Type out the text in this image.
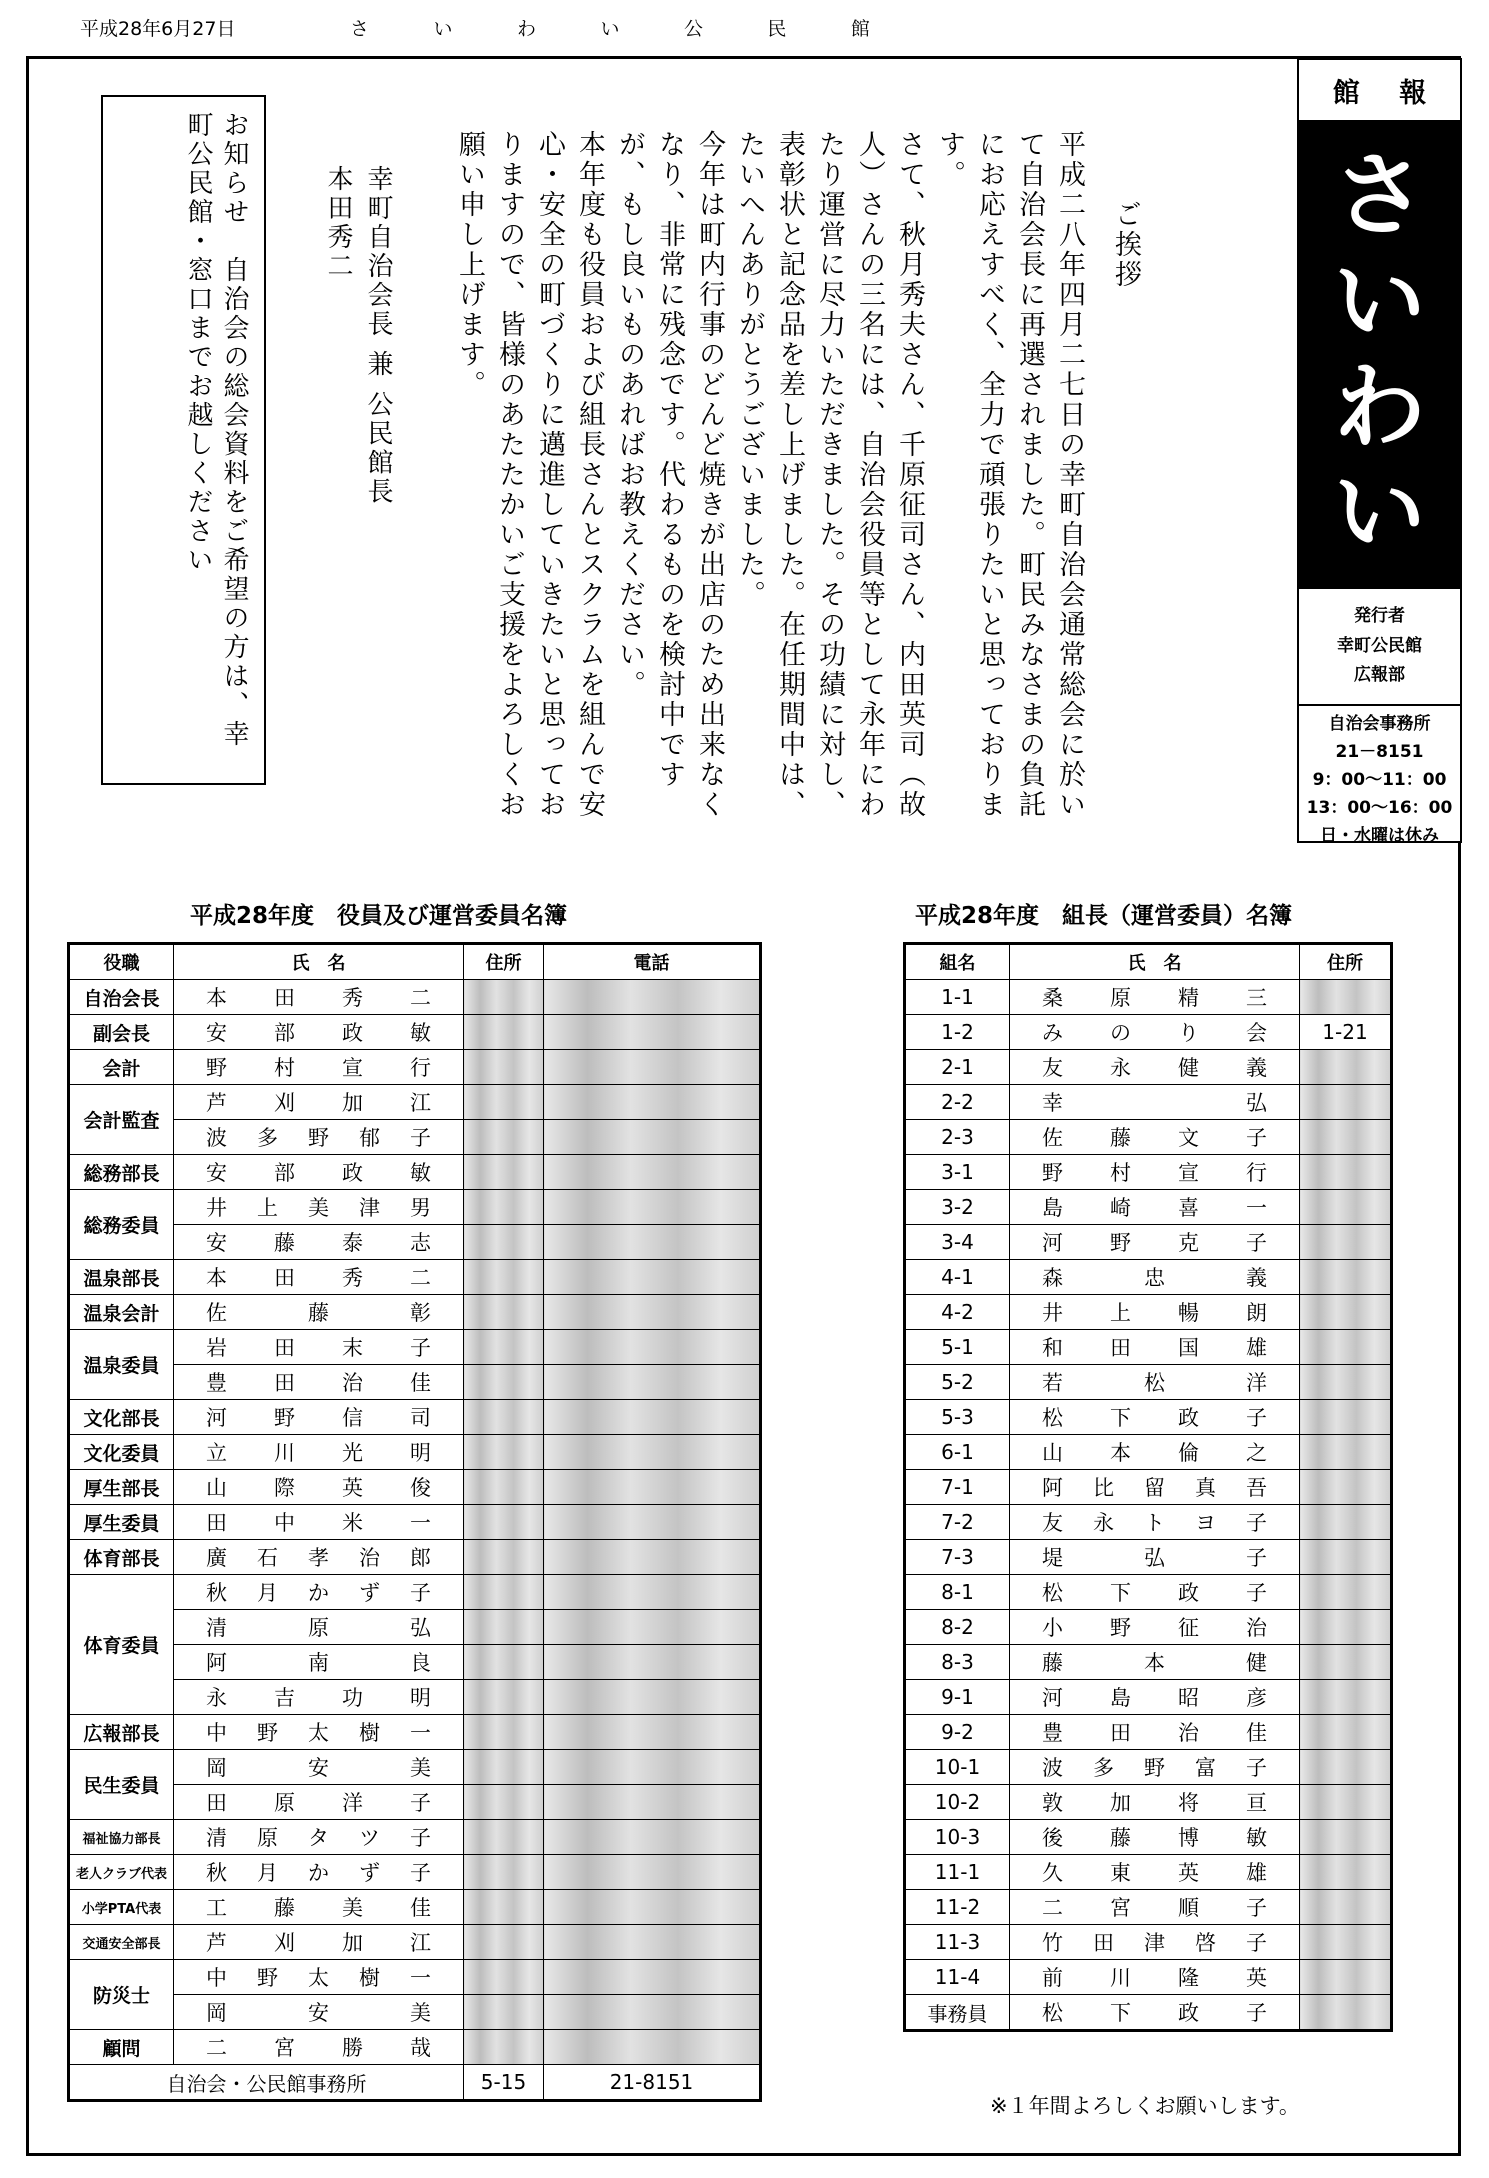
平成28年6月27日	さ	い	わ	い	公	民	館
館 報
さ
い
わ
い
発行者
幸町公民館
広報部
自治会事務所
21－8151
9：00～11：00
13：00～16：00
日・水曜は休み
ご挨拶
平成二八年四月二七日の幸町自治会通常総会に於いて自治会長に再選されました。町民みなさまの負託にお応えすべく、全力で頑張りたいと思っております。
さて、秋月秀夫さん、千原征司さん、内田英司（故人）さんの三名には、自治会役員等として永年にわたり運営に尽力いただきました。その功績に対し、表彰状と記念品を差し上げました。在任期間中は、たいへんありがとうございました。
今年は町内行事のどんど焼きが出店のため出来なくなり、非常に残念です。代わるものを検討中ですが、もし良いものあればお教えください。
本年度も役員および組長さんとスクラムを組んで安心・安全の町づくりに邁進していきたいと思っておりますので、皆様のあたたかいご支援をよろしくお願い申し上げます。
幸町自治会長 兼 公民館長
本田秀二
お知らせ　自治会の総会資料をご希望の方は、幸町公民館・窓口までお越しください
平成28年度　役員及び運営委員名簿	平成28年度　組長（運営委員）名簿
役職	氏　名	住所	電話
自治会長	本 田 秀 二		

副会長	安 部 政 敏		

会計	野 村 宣 行		

会計監査	芦 刈 加 江		

	波 多 野 郁 子		

総務部長	安 部 政 敏		

総務委員	井 上 美 津 男		

	安 藤 泰 志		

温泉部長	本 田 秀 二		

温泉会計	佐 藤 彰		

温泉委員	岩 田 末 子		

	豊 田 治 佳		

文化部長	河 野 信 司		

文化委員	立 川 光 明		

厚生部長	山 際 英 俊		

厚生委員	田 中 米 一		

体育部長	廣 石 孝 治 郎		

体育委員	秋 月 か ず 子		

	清 原 弘		

	阿 南 良		

	永 吉 功 明		

広報部長	中 野 太 樹 一		

民生委員	岡 安 美		

	田 原 洋 子		

福祉協力部長	清 原 タ ツ 子		

老人クラブ代表	秋 月 か ず 子		

小学PTA代表	工 藤 美 佳		

交通安全部長	芦 刈 加 江		

防災士	中 野 太 樹 一		

	岡 安 美		

顧問	二 宮 勝 哉		

自治会・公民館事務所		5-15	21-8151
組名	氏　名	住所
1-1	桑 原 精 三	

1-2	み の り 会	1-21
2-1	友 永 健 義	

2-2	幸 弘	

2-3	佐 藤 文 子	

3-1	野 村 宣 行	

3-2	島 崎 喜 一	

3-4	河 野 克 子	

4-1	森 忠 義	

4-2	井 上 暢 朗	

5-1	和 田 国 雄	

5-2	若 松 洋	

5-3	松 下 政 子	

6-1	山 本 倫 之	

7-1	阿 比 留 真 吾	

7-2	友 永 ト ヨ 子	

7-3	堤 弘 子	

8-1	松 下 政 子	

8-2	小 野 征 治	

8-3	藤 本 健	

9-1	河 島 昭 彦	

9-2	豊 田 治 佳	

10-1	波 多 野 富 子	

10-2	敦 加 将 亘	

10-3	後 藤 博 敏	

11-1	久 東 英 雄	

11-2	二 宮 順 子	

11-3	竹 田 津 啓 子	

11-4	前 川 隆 英	

事務員	松 下 政 子	

※１年間よろしくお願いします。
